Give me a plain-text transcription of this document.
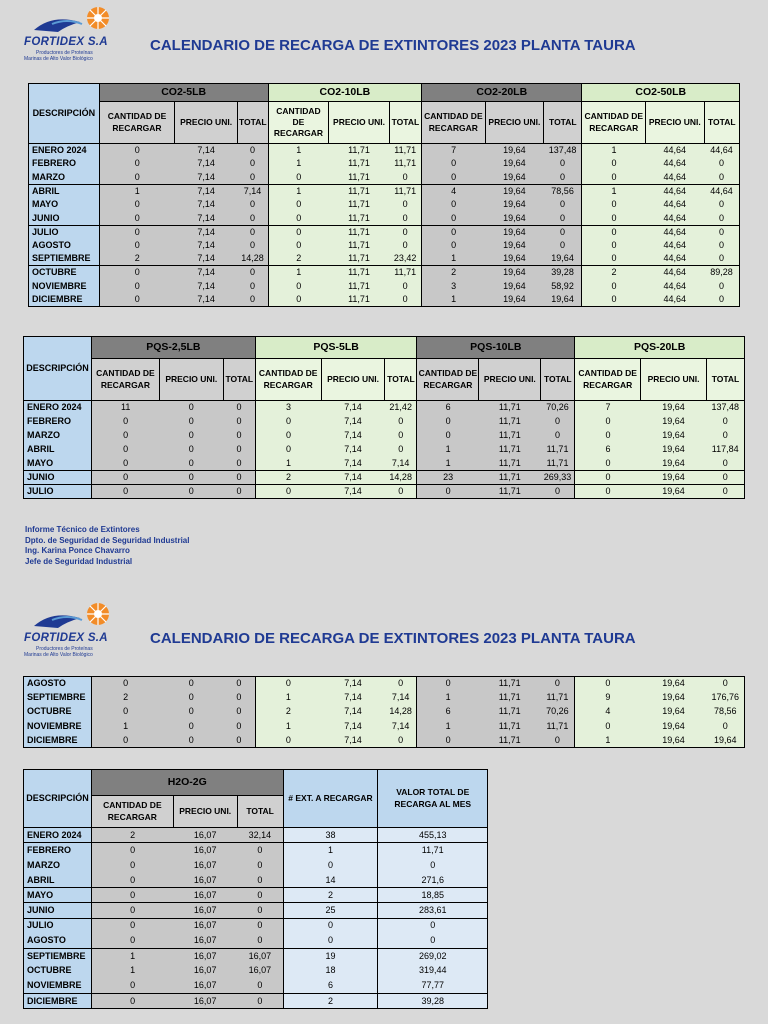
FORTIDEX S.A
Productores de Proteínas
Marinas de Alto Valor Biológico
CALENDARIO DE RECARGA DE EXTINTORES 2023 PLANTA TAURA
DESCRIPCIÓN	CO2-5LB			CO2-10LB			CO2-20LB			CO2-50LB		
	CANTIDAD DE RECARGAR	PRECIO UNI.	TOTAL	CANTIDAD DE RECARGAR	PRECIO UNI.	TOTAL	CANTIDAD DE RECARGAR	PRECIO UNI.	TOTAL	CANTIDAD DE RECARGAR	PRECIO UNI.	TOTAL
ENERO 2024	0	7,14	0	1	11,71	11,71	7	19,64	137,48	1	44,64	44,64
FEBRERO	0	7,14	0	1	11,71	11,71	0	19,64	0	0	44,64	0
MARZO	0	7,14	0	0	11,71	0	0	19,64	0	0	44,64	0
ABRIL	1	7,14	7,14	1	11,71	11,71	4	19,64	78,56	1	44,64	44,64
MAYO	0	7,14	0	0	11,71	0	0	19,64	0	0	44,64	0
JUNIO	0	7,14	0	0	11,71	0	0	19,64	0	0	44,64	0
JULIO	0	7,14	0	0	11,71	0	0	19,64	0	0	44,64	0
AGOSTO	0	7,14	0	0	11,71	0	0	19,64	0	0	44,64	0
SEPTIEMBRE	2	7,14	14,28	2	11,71	23,42	1	19,64	19,64	0	44,64	0
OCTUBRE	0	7,14	0	1	11,71	11,71	2	19,64	39,28	2	44,64	89,28
NOVIEMBRE	0	7,14	0	0	11,71	0	3	19,64	58,92	0	44,64	0
DICIEMBRE	0	7,14	0	0	11,71	0	1	19,64	19,64	0	44,64	0
DESCRIPCIÓN	PQS-2,5LB			PQS-5LB			PQS-10LB			PQS-20LB		
	CANTIDAD DE RECARGAR	PRECIO UNI.	TOTAL	CANTIDAD DE RECARGAR	PRECIO UNI.	TOTAL	CANTIDAD DE RECARGAR	PRECIO UNI.	TOTAL	CANTIDAD DE RECARGAR	PRECIO UNI.	TOTAL
ENERO 2024	11	0	0	3	7,14	21,42	6	11,71	70,26	7	19,64	137,48
FEBRERO	0	0	0	0	7,14	0	0	11,71	0	0	19,64	0
MARZO	0	0	0	0	7,14	0	0	11,71	0	0	19,64	0
ABRIL	0	0	0	0	7,14	0	1	11,71	11,71	6	19,64	117,84
MAYO	0	0	0	1	7,14	7,14	1	11,71	11,71	0	19,64	0
JUNIO	0	0	0	2	7,14	14,28	23	11,71	269,33	0	19,64	0
JULIO	0	0	0	0	7,14	0	0	11,71	0	0	19,64	0
Informe Técnico de Extintores
Dpto. de Seguridad de Seguridad Industrial
Ing. Karina Ponce Chavarro
Jefe de Seguridad Industrial
FORTIDEX S.A
Productores de Proteínas
Marinas de Alto Valor Biológico
CALENDARIO DE RECARGA DE EXTINTORES 2023 PLANTA TAURA
AGOSTO	0	0	0	0	7,14	0	0	11,71	0	0	19,64	0
SEPTIEMBRE	2	0	0	1	7,14	7,14	1	11,71	11,71	9	19,64	176,76
OCTUBRE	0	0	0	2	7,14	14,28	6	11,71	70,26	4	19,64	78,56
NOVIEMBRE	1	0	0	1	7,14	7,14	1	11,71	11,71	0	19,64	0
DICIEMBRE	0	0	0	0	7,14	0	0	11,71	0	1	19,64	19,64
DESCRIPCIÓN	H2O-2G			# EXT. A RECARGAR	VALOR TOTAL DE RECARGA AL MES
	CANTIDAD DE RECARGAR	PRECIO UNI.	TOTAL		
ENERO 2024	2	16,07	32,14	38	455,13
FEBRERO	0	16,07	0	1	11,71
MARZO	0	16,07	0	0	0
ABRIL	0	16,07	0	14	271,6
MAYO	0	16,07	0	2	18,85
JUNIO	0	16,07	0	25	283,61
JULIO	0	16,07	0	0	0
AGOSTO	0	16,07	0	0	0
SEPTIEMBRE	1	16,07	16,07	19	269,02
OCTUBRE	1	16,07	16,07	18	319,44
NOVIEMBRE	0	16,07	0	6	77,77
DICIEMBRE	0	16,07	0	2	39,28
